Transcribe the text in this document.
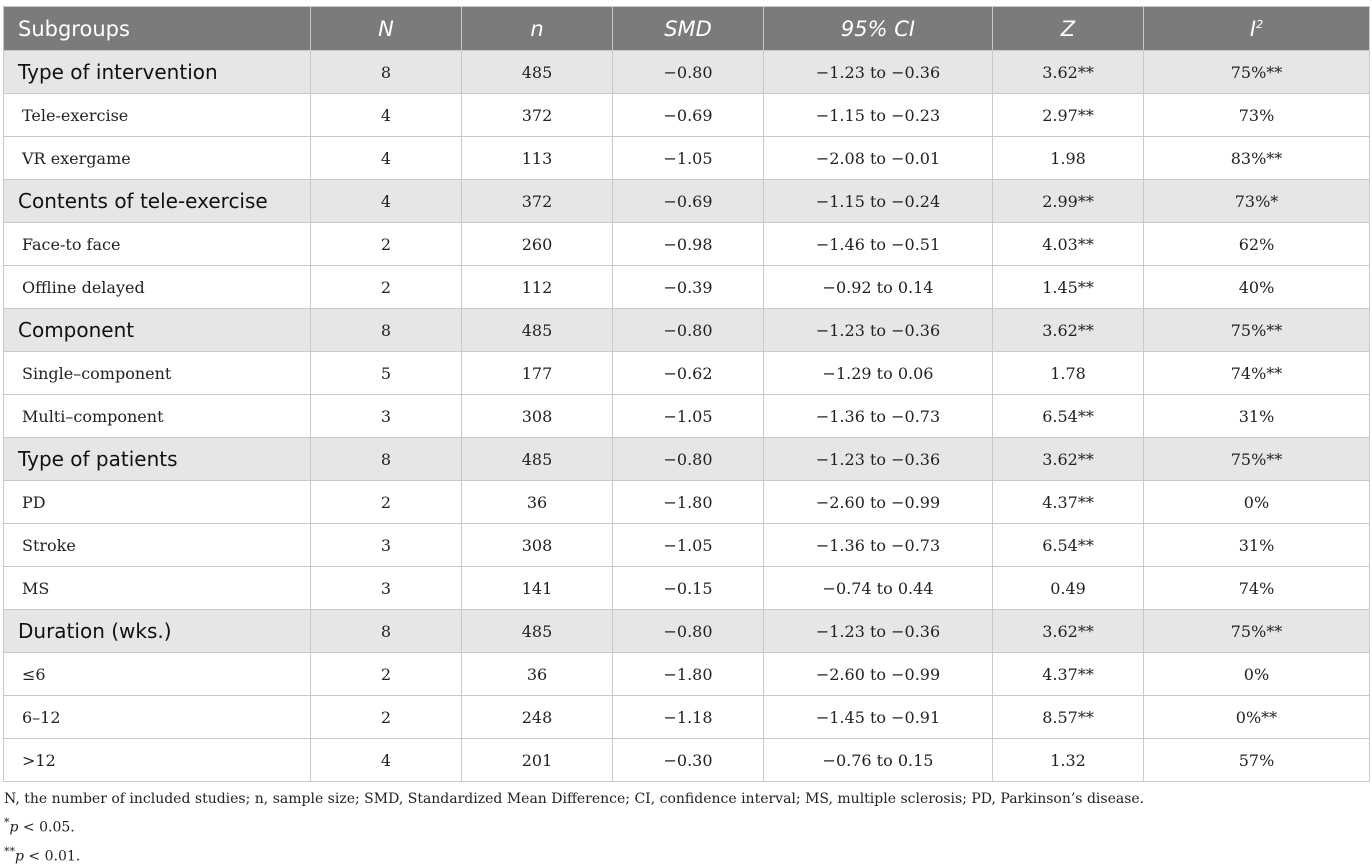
Subgroups	N	n	SMD	95% CI	Z	$I^2$
Type of intervention	8	485	−0.80	−1.23 to −0.36	3.62**	75%**
Tele-exercise	4	372	−0.69	−1.15 to −0.23	2.97**	73%
VR exergame	4	113	−1.05	−2.08 to −0.01	1.98	83%**
Contents of tele-exercise	4	372	−0.69	−1.15 to −0.24	2.99**	73%*
Face-to face	2	260	−0.98	−1.46 to −0.51	4.03**	62%
Offline delayed	2	112	−0.39	−0.92 to 0.14	1.45**	40%
Component	8	485	−0.80	−1.23 to −0.36	3.62**	75%**
Single–component	5	177	−0.62	−1.29 to 0.06	1.78	74%**
Multi–component	3	308	−1.05	−1.36 to −0.73	6.54**	31%
Type of patients	8	485	−0.80	−1.23 to −0.36	3.62**	75%**
PD	2	36	−1.80	−2.60 to −0.99	4.37**	0%
Stroke	3	308	−1.05	−1.36 to −0.73	6.54**	31%
MS	3	141	−0.15	−0.74 to 0.44	0.49	74%
Duration (wks.)	8	485	−0.80	−1.23 to −0.36	3.62**	75%**
≤6	2	36	−1.80	−2.60 to −0.99	4.37**	0%
6–12	2	248	−1.18	−1.45 to −0.91	8.57**	0%**
>12	4	201	−0.30	−0.76 to 0.15	1.32	57%
N, the number of included studies; n, sample size; SMD, Standardized Mean Difference; CI, confidence interval; MS, multiple sclerosis; PD, Parkinson’s disease.
*p < 0.05.
**p < 0.01.
